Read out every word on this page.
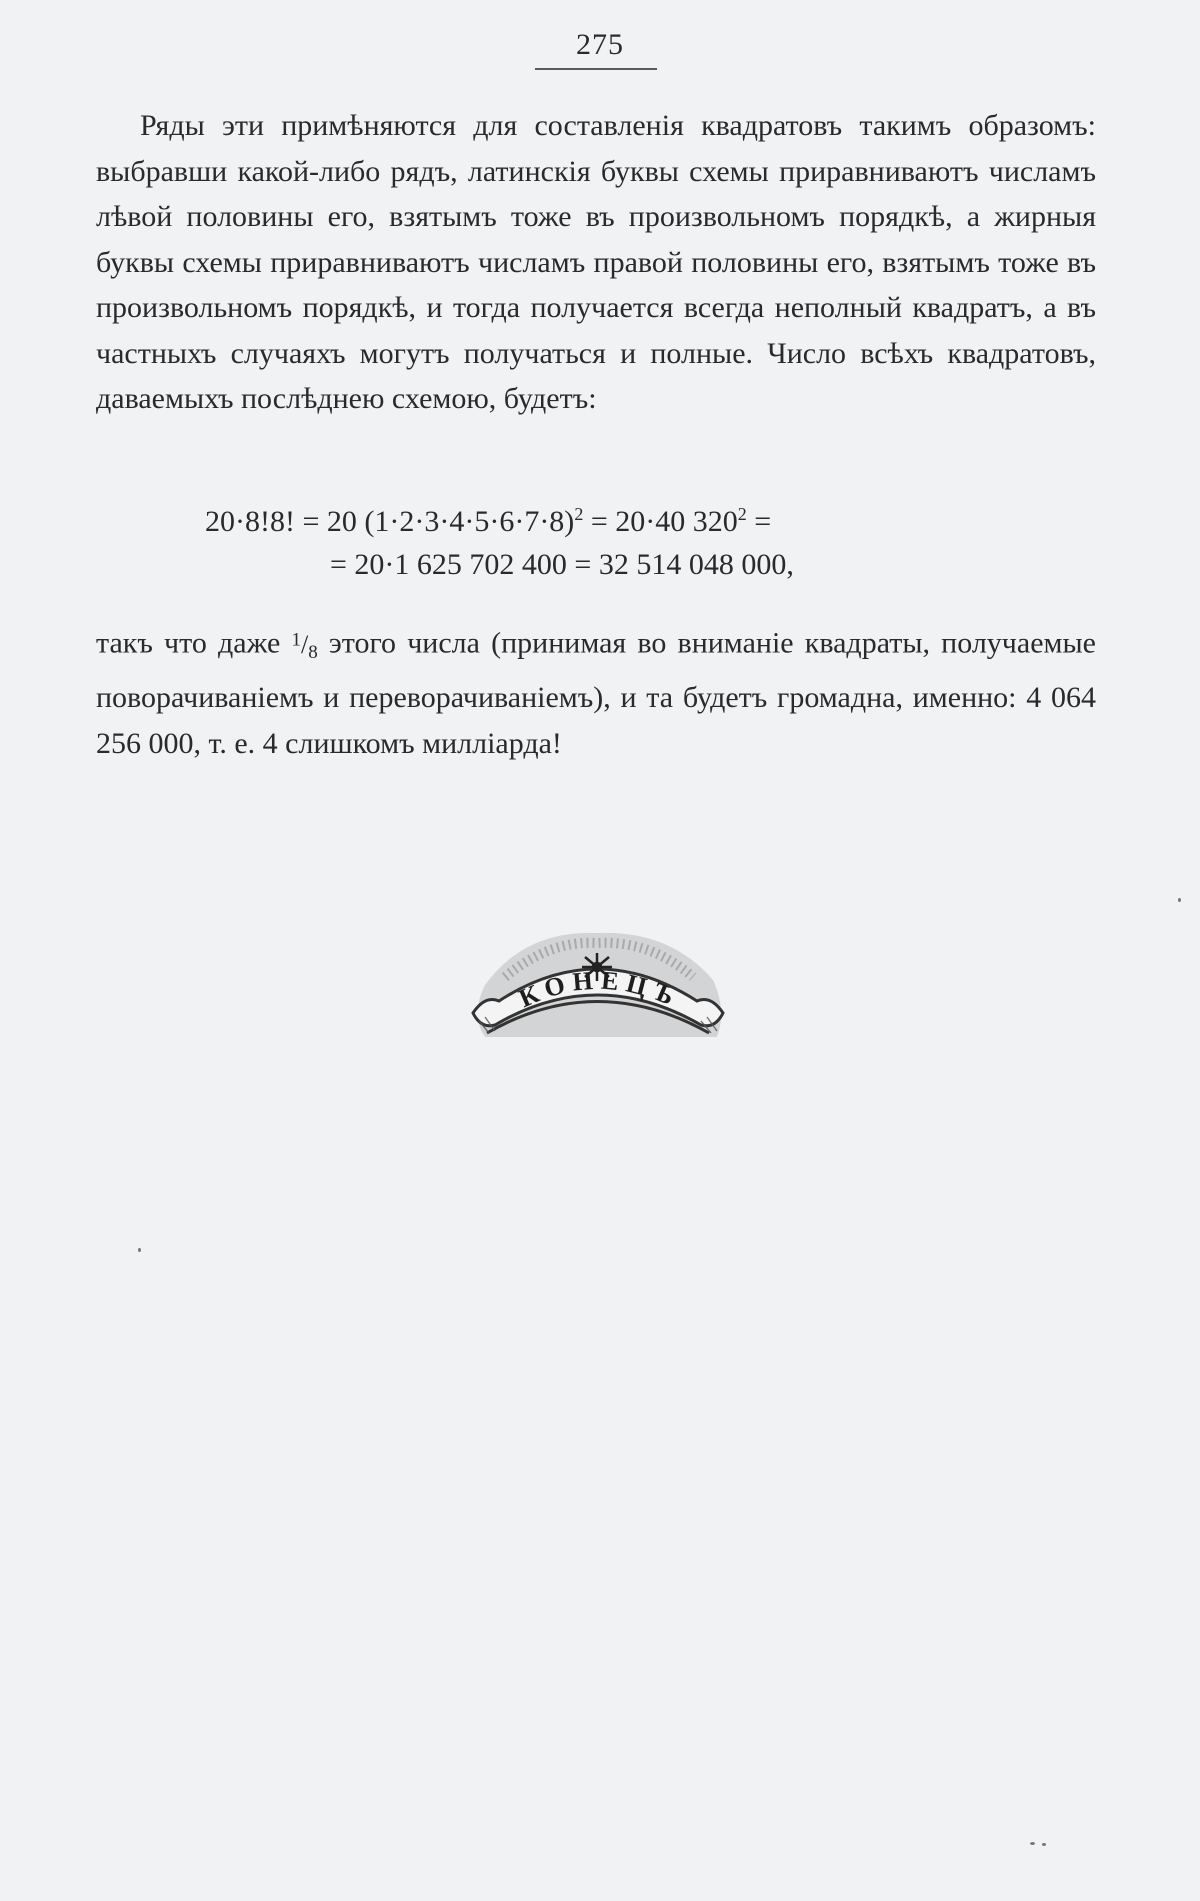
275

Ряды эти примѣняются для составленія квадратовъ такимъ образомъ: выбравши какой-либо рядъ, латинскія буквы схемы приравниваютъ числамъ лѣвой половины его, взятымъ тоже въ произвольномъ порядкѣ, а жирныя буквы схемы приравниваютъ числамъ правой половины его, взятымъ тоже въ произвольномъ порядкѣ, и тогда получается всегда неполный квадратъ, а въ частныхъ случаяхъ могутъ получаться и полные. Число всѣхъ квадратовъ, даваемыхъ послѣднею схемою, будетъ:

20·8!8! = 20 $(1\cdot 2\cdot 3\cdot 4\cdot 5\cdot 6\cdot 7\cdot 8)^2 = 20\cdot 40$ $320^2$ =
= 20·1 625 702 400 = 32 514 048 000,

такъ что даже 1/8 этого числа (принимая во вниманіе квадраты, получаемые поворачиваніемъ и переворачиваніемъ), и та будетъ громадна, именно: 4 064 256 000, т. е. 4 слишкомъ милліарда!

КОНЕЦЪ
